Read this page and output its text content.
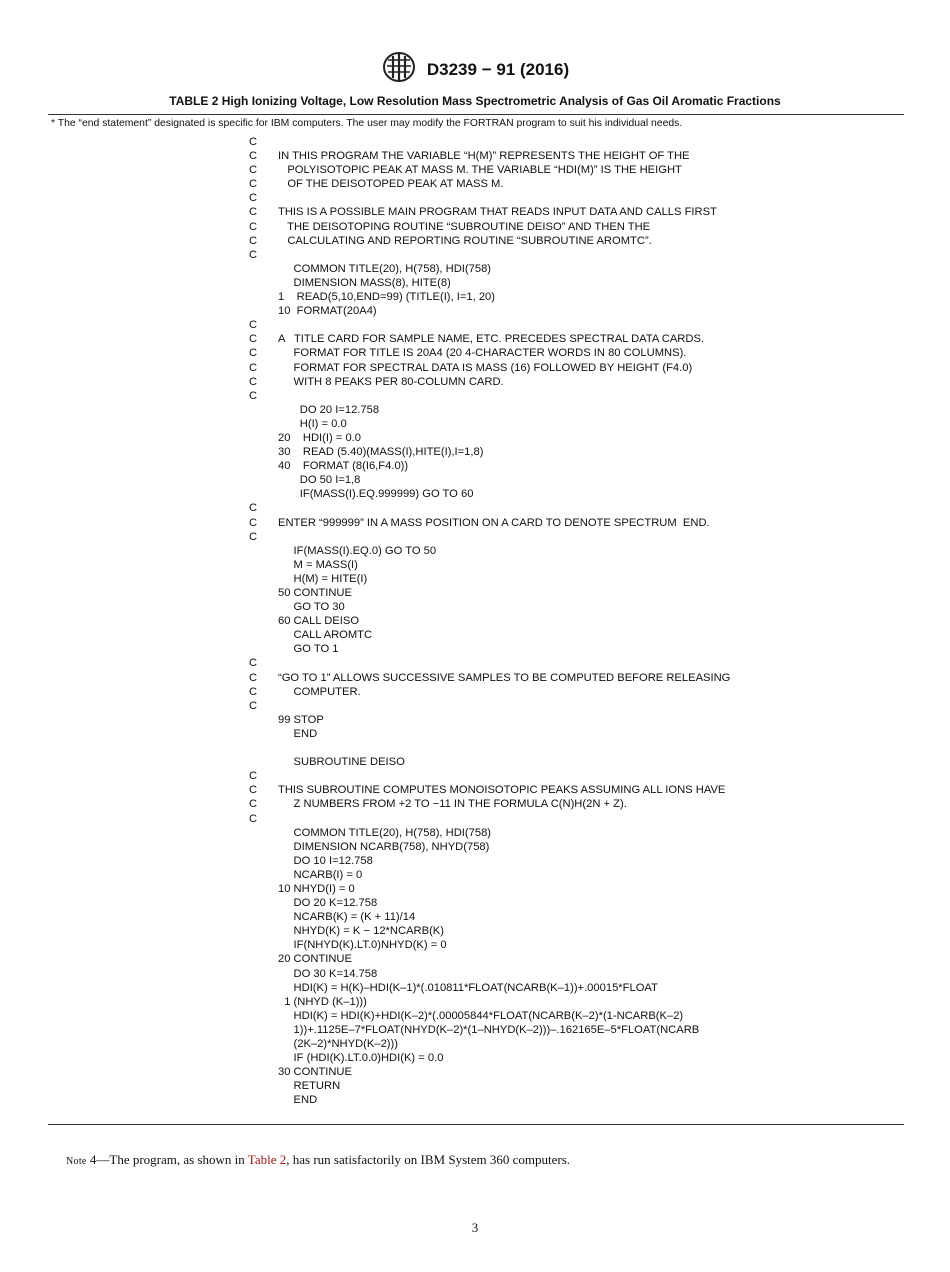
D3239 − 91 (2016)
TABLE 2 High Ionizing Voltage, Low Resolution Mass Spectrometric Analysis of Gas Oil Aromatic Fractions
* The “end statement” designated is specific for IBM computers. The user may modify the FORTRAN program to suit his individual needs.
C
C IN THIS PROGRAM THE VARIABLE “H(M)” REPRESENTS THE HEIGHT OF THE
C POLYISOTOPIC PEAK AT MASS M. THE VARIABLE “HDI(M)” IS THE HEIGHT
C OF THE DEISOTOPED PEAK AT MASS M.
C
C THIS IS A POSSIBLE MAIN PROGRAM THAT READS INPUT DATA AND CALLS FIRST
C THE DEISOTOPING ROUTINE “SUBROUTINE DEISO” AND THEN THE
C CALCULATING AND REPORTING ROUTINE “SUBROUTINE AROMTC”.
C
COMMON TITLE(20), H(758), HDI(758)
DIMENSION MASS(8), HITE(8)
1    READ(5,10,END=99) (TITLE(I), I=1, 20)
10  FORMAT(20A4)
C
C A   TITLE CARD FOR SAMPLE NAME, ETC. PRECEDES SPECTRAL DATA CARDS.
C FORMAT FOR TITLE IS 20A4 (20 4-CHARACTER WORDS IN 80 COLUMNS).
C FORMAT FOR SPECTRAL DATA IS MASS (16) FOLLOWED BY HEIGHT (F4.0)
C WITH 8 PEAKS PER 80-COLUMN CARD.
C
DO 20 I=12.758
H(I) = 0.0
20    HDI(I) = 0.0
30    READ (5.40)(MASS(I),HITE(I),I=1,8)
40    FORMAT (8(I6,F4.0))
DO 50 I=1,8
IF(MASS(I).EQ.999999) GO TO 60
C
C ENTER “999999” IN A MASS POSITION ON A CARD TO DENOTE SPECTRUM  END.
C
IF(MASS(I).EQ.0) GO TO 50
M = MASS(I)
H(M) = HITE(I)
50 CONTINUE
GO TO 30
60 CALL DEISO
CALL AROMTC
GO TO 1
C
C “GO TO 1” ALLOWS SUCCESSIVE SAMPLES TO BE COMPUTED BEFORE RELEASING
C COMPUTER.
C
99 STOP
END
SUBROUTINE DEISO
C
C THIS SUBROUTINE COMPUTES MONOISOTOPIC PEAKS ASSUMING ALL IONS HAVE
C Z NUMBERS FROM +2 TO −11 IN THE FORMULA C(N)H(2N + Z).
C
COMMON TITLE(20), H(758), HDI(758)
DIMENSION NCARB(758), NHYD(758)
DO 10 I=12.758
NCARB(I) = 0
10 NHYD(I) = 0
DO 20 K=12.758
NCARB(K) = (K + 11)/14
NHYD(K) = K − 12*NCARB(K)
IF(NHYD(K).LT.0)NHYD(K) = 0
20 CONTINUE
DO 30 K=14.758
HDI(K) = H(K)–HDI(K–1)*(.010811*FLOAT(NCARB(K–1))+.00015*FLOAT
1 (NHYD (K–1)))
HDI(K) = HDI(K)+HDI(K–2)*(.00005844*FLOAT(NCARB(K–2)*(1-NCARB(K–2)
1))+.1125E–7*FLOAT(NHYD(K–2)*(1–NHYD(K–2)))–.162165E–5*FLOAT(NCARB
(2K–2)*NHYD(K–2)))
IF (HDI(K).LT.0.0)HDI(K) = 0.0
30 CONTINUE
RETURN
END
Note 4—The program, as shown in Table 2, has run satisfactorily on IBM System 360 computers.
3
